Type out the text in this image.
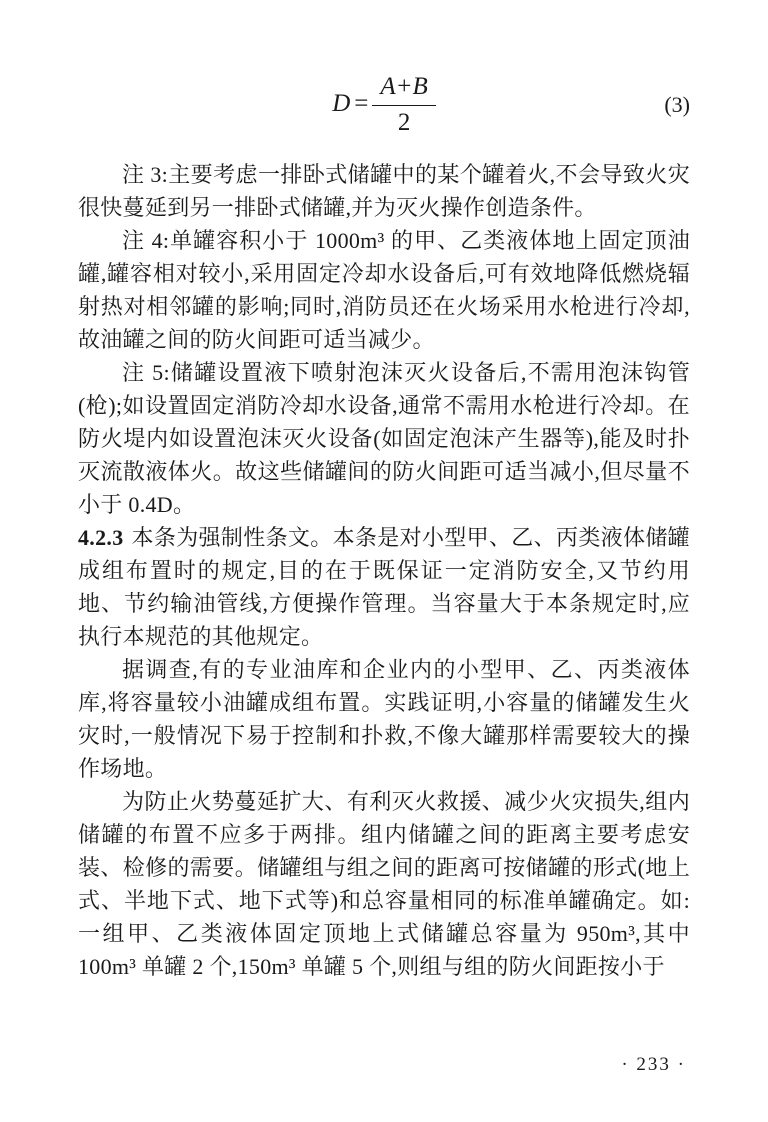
$D = \frac{A+B}{2}$	(3)

注 3:主要考虑一排卧式储罐中的某个罐着火,不会导致火灾很快蔓延到另一排卧式储罐,并为灭火操作创造条件。

注 4:单罐容积小于 1000m³ 的甲、乙类液体地上固定顶油罐,罐容相对较小,采用固定冷却水设备后,可有效地降低燃烧辐射热对相邻罐的影响;同时,消防员还在火场采用水枪进行冷却,故油罐之间的防火间距可适当减少。

注 5:储罐设置液下喷射泡沫灭火设备后,不需用泡沫钩管(枪);如设置固定消防冷却水设备,通常不需用水枪进行冷却。在防火堤内如设置泡沫灭火设备(如固定泡沫产生器等),能及时扑灭流散液体火。故这些储罐间的防火间距可适当减小,但尽量不小于 0.4D。

4.2.3 本条为强制性条文。本条是对小型甲、乙、丙类液体储罐成组布置时的规定,目的在于既保证一定消防安全,又节约用地、节约输油管线,方便操作管理。当容量大于本条规定时,应执行本规范的其他规定。

据调查,有的专业油库和企业内的小型甲、乙、丙类液体库,将容量较小油罐成组布置。实践证明,小容量的储罐发生火灾时,一般情况下易于控制和扑救,不像大罐那样需要较大的操作场地。

为防止火势蔓延扩大、有利灭火救援、减少火灾损失,组内储罐的布置不应多于两排。组内储罐之间的距离主要考虑安装、检修的需要。储罐组与组之间的距离可按储罐的形式(地上式、半地下式、地下式等)和总容量相同的标准单罐确定。如:一组甲、乙类液体固定顶地上式储罐总容量为 950m³,其中 100m³ 单罐 2 个,150m³ 单罐 5 个,则组与组的防火间距按小于

· 233 ·
